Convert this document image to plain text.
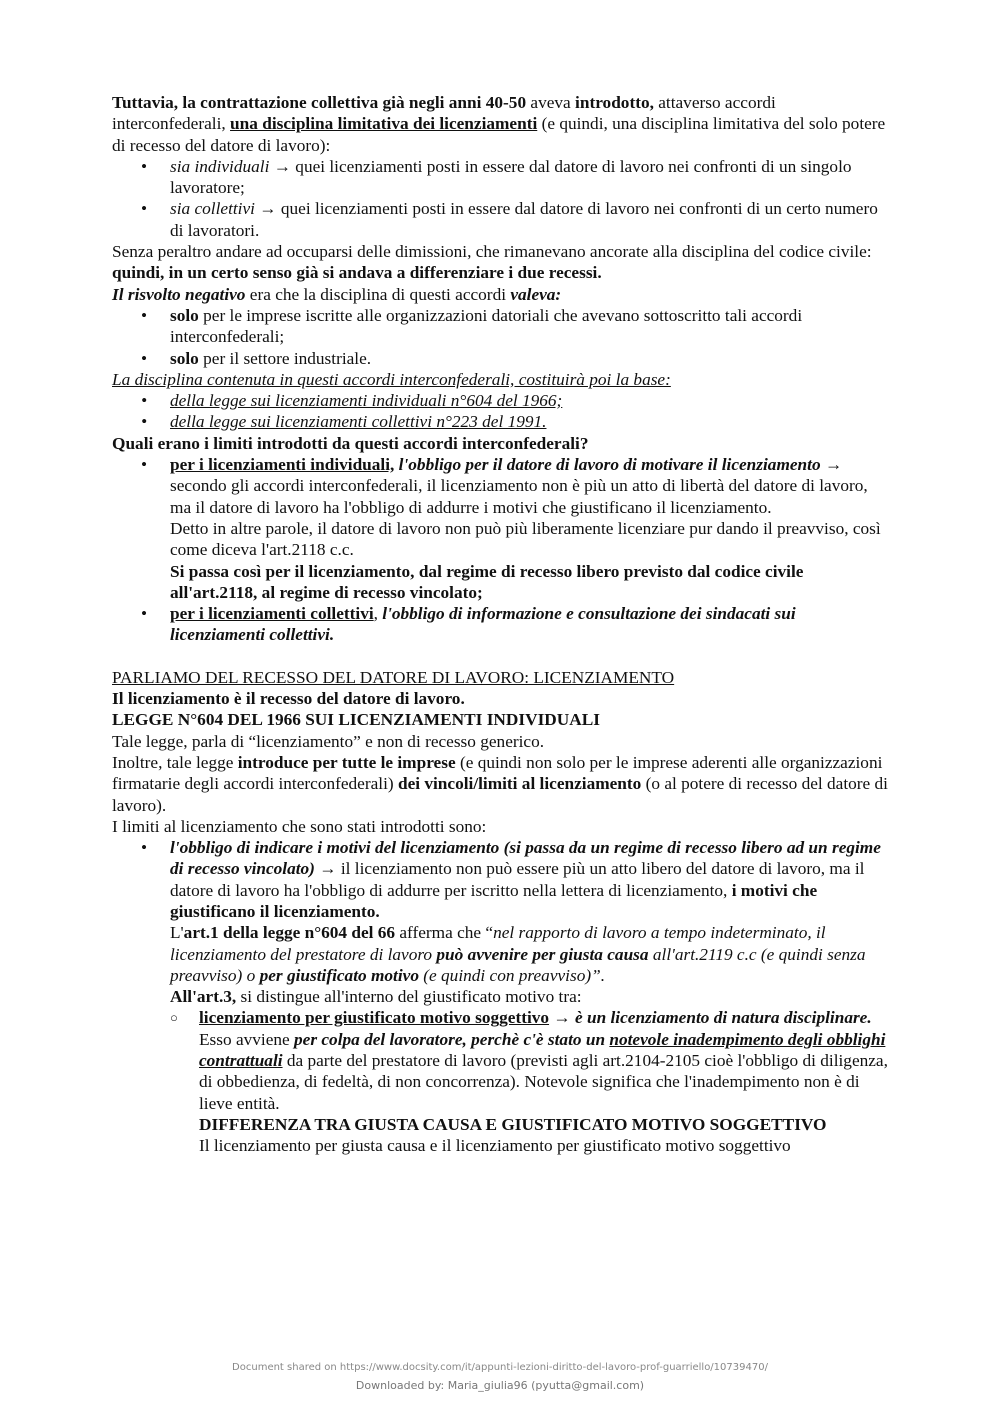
Tuttavia, la contrattazione collettiva già negli anni 40-50 aveva introdotto, attaverso accordi interconfederali, una disciplina limitativa dei licenziamenti (e quindi, una disciplina limitativa del solo potere di recesso del datore di lavoro):

• sia individuali → quei licenziamenti posti in essere dal datore di lavoro nei confronti di un singolo lavoratore;
• sia collettivi → quei licenziamenti posti in essere dal datore di lavoro nei confronti di un certo numero di lavoratori.

Senza peraltro andare ad occuparsi delle dimissioni, che rimanevano ancorate alla disciplina del codice civile: quindi, in un certo senso già si andava a differenziare i due recessi.

Il risvolto negativo era che la disciplina di questi accordi valeva:

• solo per le imprese iscritte alle organizzazioni datoriali che avevano sottoscritto tali accordi interconfederali;
• solo per il settore industriale.

La disciplina contenuta in questi accordi interconfederali, costituirà poi la base:

• della legge sui licenziamenti individuali n°604 del 1966;
• della legge sui licenziamenti collettivi n°223 del 1991.

Quali erano i limiti introdotti da questi accordi interconfederali?

• per i licenziamenti individuali, l'obbligo per il datore di lavoro di motivare il licenziamento → secondo gli accordi interconfederali, il licenziamento non è più un atto di libertà del datore di lavoro, ma il datore di lavoro ha l'obbligo di addurre i motivi che giustificano il licenziamento.
Detto in altre parole, il datore di lavoro non può più liberamente licenziare pur dando il preavviso, così come diceva l'art.2118 c.c.
Si passa così per il licenziamento, dal regime di recesso libero previsto dal codice civile all'art.2118, al regime di recesso vincolato;
• per i licenziamenti collettivi, l'obbligo di informazione e consultazione dei sindacati sui licenziamenti collettivi.

PARLIAMO DEL RECESSO DEL DATORE DI LAVORO: LICENZIAMENTO

Il licenziamento è il recesso del datore di lavoro.

LEGGE N°604 DEL 1966 SUI LICENZIAMENTI INDIVIDUALI

Tale legge, parla di “licenziamento” e non di recesso generico.

Inoltre, tale legge introduce per tutte le imprese (e quindi non solo per le imprese aderenti alle organizzazioni firmatarie degli accordi interconfederali) dei vincoli/limiti al licenziamento (o al potere di recesso del datore di lavoro).

I limiti al licenziamento che sono stati introdotti sono:

• l'obbligo di indicare i motivi del licenziamento (si passa da un regime di recesso libero ad un regime di recesso vincolato) → il licenziamento non può essere più un atto libero del datore di lavoro, ma il datore di lavoro ha l'obbligo di addurre per iscritto nella lettera di licenziamento, i motivi che giustificano il licenziamento.
L'art.1 della legge n°604 del 66 afferma che “nel rapporto di lavoro a tempo indeterminato, il licenziamento del prestatore di lavoro può avvenire per giusta causa all'art.2119 c.c (e quindi senza preavviso) o per giustificato motivo (e quindi con preavviso)”.
All'art.3, si distingue all'interno del giustificato motivo tra:
○ licenziamento per giustificato motivo soggettivo → è un licenziamento di natura disciplinare.
Esso avviene per colpa del lavoratore, perchè c'è stato un notevole inadempimento degli obblighi contrattuali da parte del prestatore di lavoro (previsti agli art.2104-2105 cioè l'obbligo di diligenza, di obbedienza, di fedeltà, di non concorrenza). Notevole significa che l'inadempimento non è di lieve entità.
DIFFERENZA TRA GIUSTA CAUSA E GIUSTIFICATO MOTIVO SOGGETTIVO
Il licenziamento per giusta causa e il licenziamento per giustificato motivo soggettivo
Document shared on https://www.docsity.com/it/appunti-lezioni-diritto-del-lavoro-prof-guarriello/10739470/
Downloaded by: Maria_giulia96 (pyutta@gmail.com)
